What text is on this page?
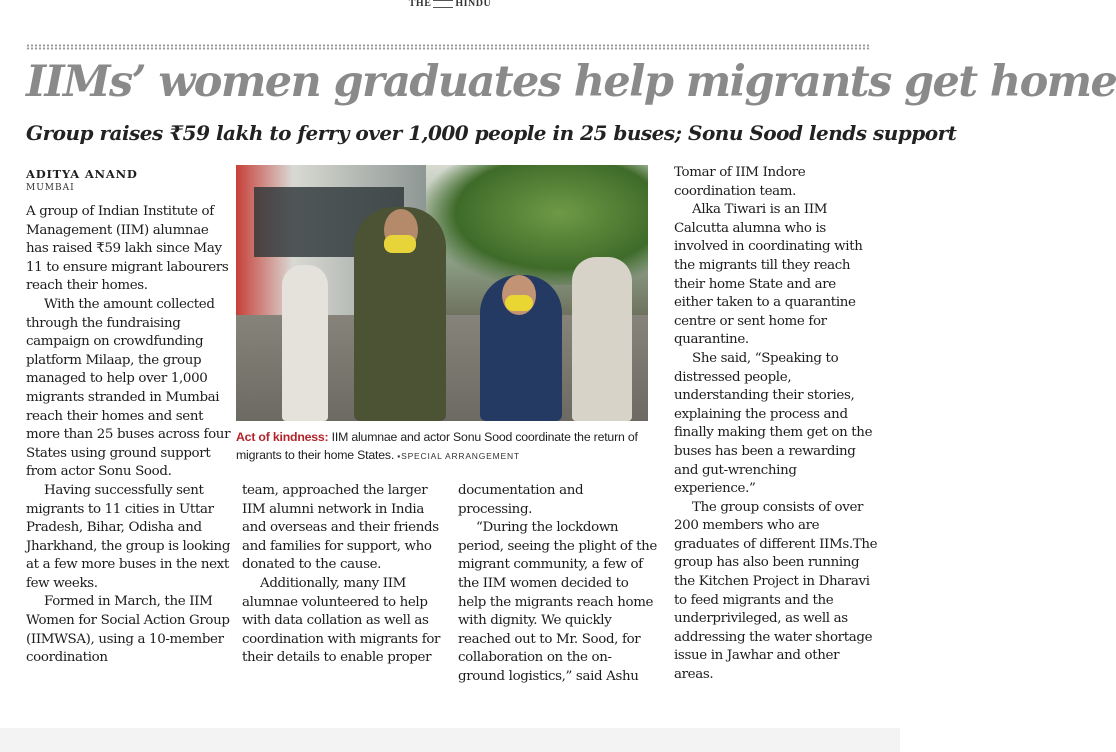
THE HINDU
IIMs’ women graduates help migrants get home
Group raises ₹59 lakh to ferry over 1,000 people in 25 buses; Sonu Sood lends support
ADITYA ANAND
MUMBAI

A group of Indian Institute of Management (IIM) alumnae has raised ₹59 lakh since May 11 to ensure migrant labourers reach their homes.

With the amount collected through the fundraising campaign on crowdfunding platform Milaap, the group managed to help over 1,000 migrants stranded in Mumbai reach their homes and sent more than 25 buses across four States using ground support from actor Sonu Sood.

Having successfully sent migrants to 11 cities in Uttar Pradesh, Bihar, Odisha and Jharkhand, the group is looking at a few more buses in the next few weeks.

Formed in March, the IIM Women for Social Action Group (IIMWSA), using a 10-member coordination

Act of kindness: IIM alumnae and actor Sonu Sood coordinate the return of migrants to their home States. ▪SPECIAL ARRANGEMENT

team, approached the larger IIM alumni network in India and overseas and their friends and families for support, who donated to the cause.

Additionally, many IIM alumnae volunteered to help with data collation as well as coordination with migrants for their details to enable proper

documentation and processing.

“During the lockdown period, seeing the plight of the migrant community, a few of the IIM women decided to help the migrants reach home with dignity. We quickly reached out to Mr. Sood, for collaboration on the on-ground logistics,” said Ashu

Tomar of IIM Indore coordination team.

Alka Tiwari is an IIM Calcutta alumna who is involved in coordinating with the migrants till they reach their home State and are either taken to a quarantine centre or sent home for quarantine.

She said, “Speaking to distressed people, understanding their stories, explaining the process and finally making them get on the buses has been a rewarding and gut-wrenching experience.”

The group consists of over 200 members who are graduates of different IIMs.The group has also been running the Kitchen Project in Dharavi to feed migrants and the underprivileged, as well as addressing the water shortage issue in Jawhar and other areas.
